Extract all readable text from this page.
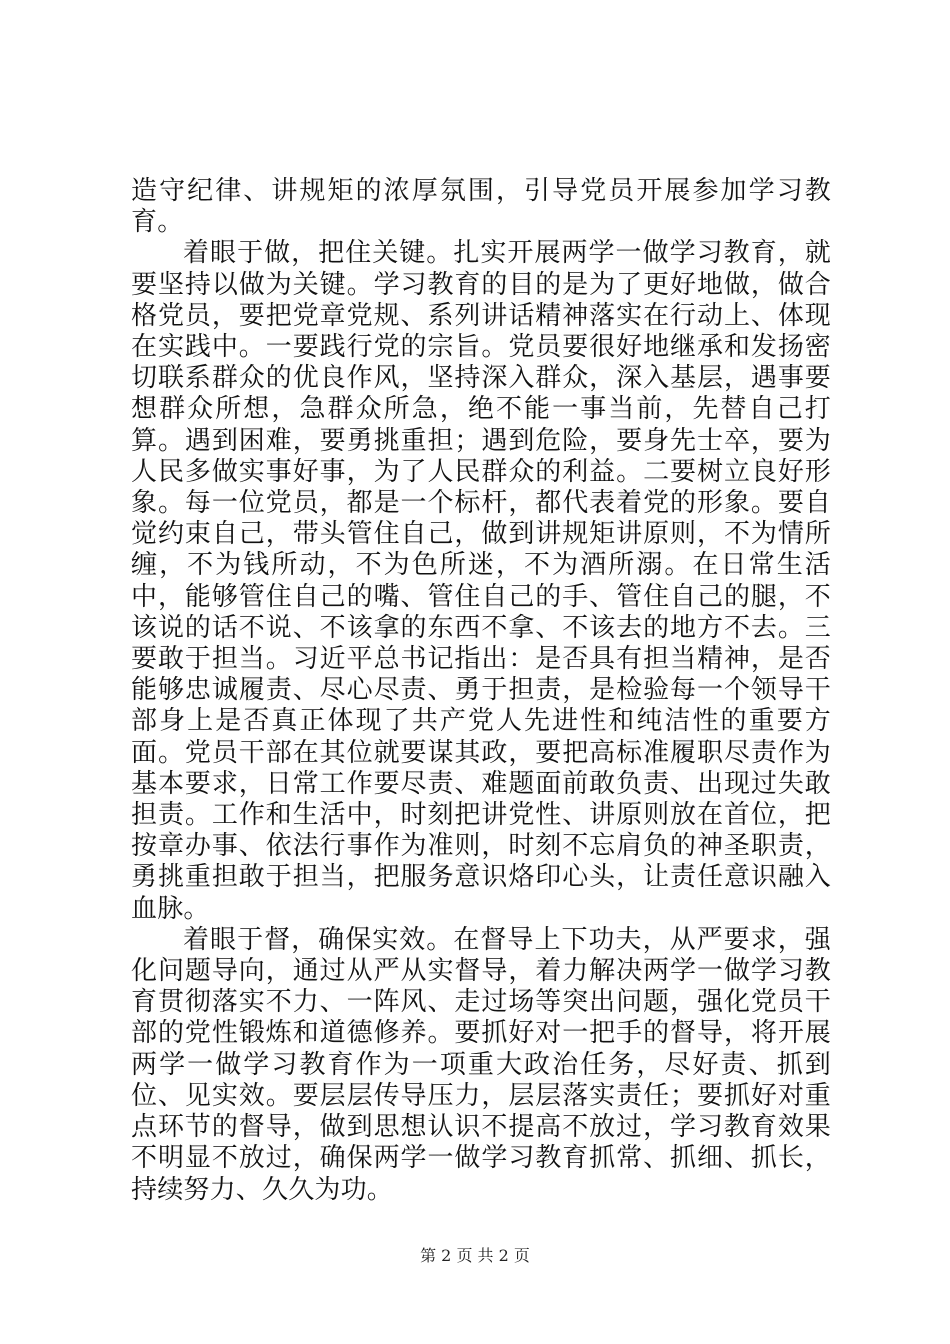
造守纪律、讲规矩的浓厚氛围，引导党员开展参加学习教育。

着眼于做，把住关键。扎实开展两学一做学习教育，就要坚持以做为关键。学习教育的目的是为了更好地做，做合格党员，要把党章党规、系列讲话精神落实在行动上、体现在实践中。一要践行党的宗旨。党员要很好地继承和发扬密切联系群众的优良作风，坚持深入群众，深入基层，遇事要想群众所想，急群众所急，绝不能一事当前，先替自己打算。遇到困难，要勇挑重担；遇到危险，要身先士卒，要为人民多做实事好事，为了人民群众的利益。二要树立良好形象。每一位党员，都是一个标杆，都代表着党的形象。要自觉约束自己，带头管住自己，做到讲规矩讲原则，不为情所缠，不为钱所动，不为色所迷，不为酒所溺。在日常生活中，能够管住自己的嘴、管住自己的手、管住自己的腿，不该说的话不说、不该拿的东西不拿、不该去的地方不去。三要敢于担当。习近平总书记指出：是否具有担当精神，是否能够忠诚履责、尽心尽责、勇于担责，是检验每一个领导干部身上是否真正体现了共产党人先进性和纯洁性的重要方面。党员干部在其位就要谋其政，要把高标准履职尽责作为基本要求，日常工作要尽责、难题面前敢负责、出现过失敢担责。工作和生活中，时刻把讲党性、讲原则放在首位，把按章办事、依法行事作为准则，时刻不忘肩负的神圣职责，勇挑重担敢于担当，把服务意识烙印心头，让责任意识融入血脉。

着眼于督，确保实效。在督导上下功夫，从严要求，强化问题导向，通过从严从实督导，着力解决两学一做学习教育贯彻落实不力、一阵风、走过场等突出问题，强化党员干部的党性锻炼和道德修养。要抓好对一把手的督导，将开展两学一做学习教育作为一项重大政治任务，尽好责、抓到位、见实效。要层层传导压力，层层落实责任；要抓好对重点环节的督导，做到思想认识不提高不放过，学习教育效果不明显不放过，确保两学一做学习教育抓常、抓细、抓长，持续努力、久久为功。

第 2 页 共 2 页
